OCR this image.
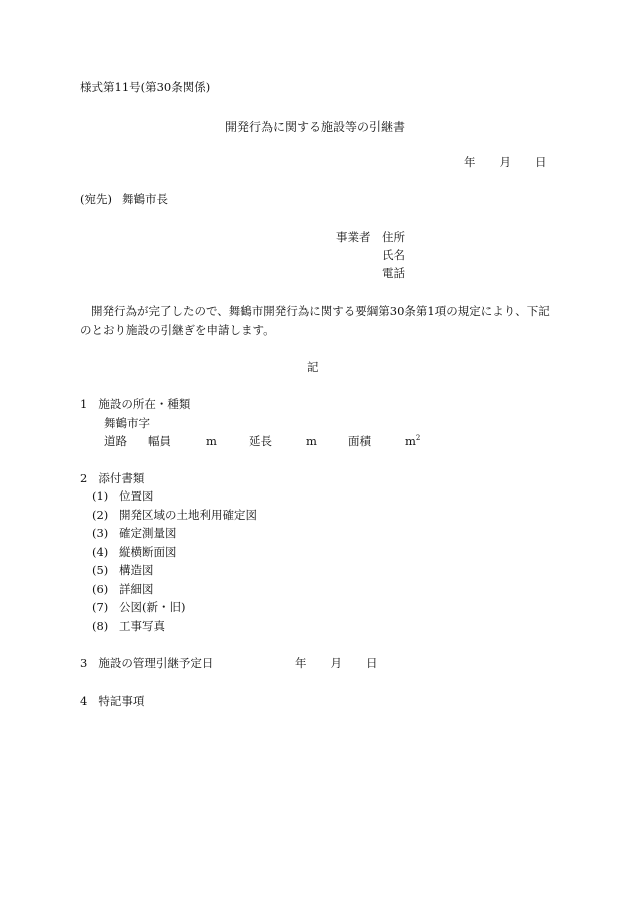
様式第11号(第30条関係)
開発行為に関する施設等の引継書
年 月 日
(宛先) 舞鶴市長
事業者 住所
氏名
電話
開発行為が完了したので、舞鶴市開発行為に関する要綱第30条第1項の規定により、下記
のとおり施設の引継ぎを申請します。
記
1 施設の所在・種類
舞鶴市字
道路 幅員	m	延長	m	面積	$m^2$
2 添付書類
(1) 位置図
(2) 開発区域の土地利用確定図
(3) 確定測量図
(4) 縦横断面図
(5) 構造図
(6) 詳細図
(7) 公図(新・旧)
(8) 工事写真
3 施設の管理引継予定日	年 月 日
4 特記事項
